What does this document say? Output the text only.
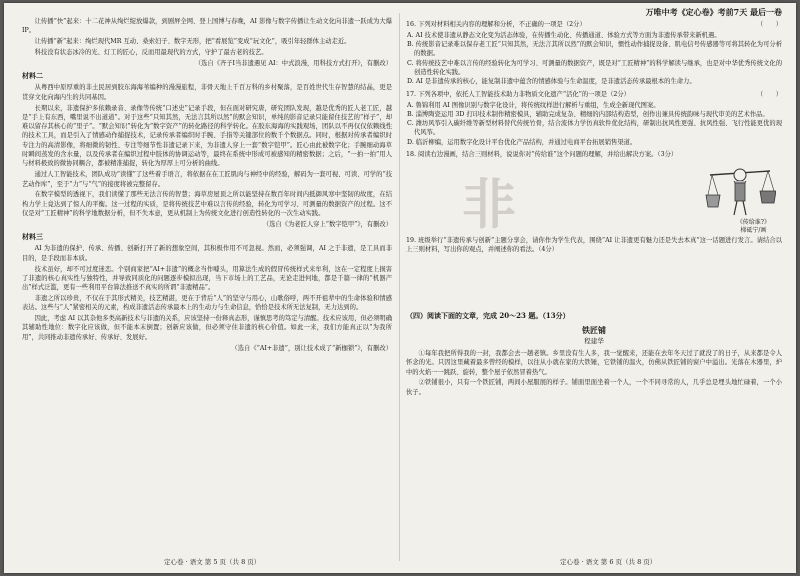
万唯中考《定心卷》考前7天 最后一卷

让传播“快”起来：十二花神从绚烂绽放爆款，到剧屏全网、登上国博与春晚，AI 影像与数字传播让生动文化向非遗一跃成为大爆 IP。

让传播“新”起来：绚烂现代MR 互动、桑索妇子、数字无形，把“看展览”变成“玩文化”，吸引年轻群体主动走近。

科技没有状态冰冷的光、灯工的匠心，反而用最现代的方式，守护了最古老的技艺。

（选自《齐子Ⅰ当非遗遇见 AI：中式浪漫，用科技方式打开》，有删改）

材料二

从粤西中原厚重的非土民居到胶东海海苇编种的漫漫旅程，非骨天地上千百万科的乡村聚落，是百姓世代生存智慧的结晶，更是贯穿文化向海内生的共同基因。

长期以来，非遗保护多依赖录音、录像等传统“口述史”记录手段，但在面对研究唐，研究团队发现，越是优秀的匠人老工匠，越是“手上有东西，嘴里说不出道道”。对于这些“只知其然，无法言其所以然”的默会知识，单纯的影音记录只能留住技艺的“样子”，却难以留存其核心的“里子”。“默会知识”转化为“数字资产”的转化路径的科学转化。在胶东海海的实践观场，团队以不再仅仅依赖线性的技术工具，而是引入了情感动作捕捉技术，记录传承者编织时手腕、手指等关键部位的数千个数据点。同时，根据对传承者编织时专注力的高清影像，将细微的韧性、专注等细节性非遗记录下来，为非遗人穿上一套“数字铠甲”。匠心由此被数字化；手腕细动海草时瞬间蒸发的含水量，以及传承者在编织过程中肢体的协调运动等，最终在系统中形成可被感知的精密数据；之后，“一拍一拍”用人与材料极致的微协同耦合，都被精准捕捉，转化为厚厚上可分析的曲线。

通过人工智能技术，团队成功“读懂”了这些着手语言，将依据在在工匠肌肉与神经中的经验，解码为一套可视、可读、可学的“技艺动作库”，至于“力”与“气”的接度将被完整留存。

在数字模型的透视下，我们读懂了那些无法言传的智慧；海草房屋顶之所以能坚持在数百年时间内抵御风寒中坚韧的故度，在结构力学上竟达到了惊人的平衡。这一过程的实质，是将传统技艺中难以言传的经验，转化为可学习、可测量的数据资产的过程。这不仅是对“工匠精神”的科学地数据分析，但不失本意，更从机制上为传统文化进行创造性转化的一次生动实践。

（选自《为老匠人穿上“数字铠甲”》，有删改）

材料三

AI 为非遗的保护、传承、传播、创新打开了新的想象空间，其积极作用不可忽视。然而，必须强调，AI 之于非遗，是工具而非目的，是手段而非本质。

技术虽好，却不可过度迷恋。个别商家把“AI+非遗”的概念当作噱头，用算法生成的假冒传统样式来牟利，这在一定程度上损害了非遗的核心真实性与独特性，并导致同质化的问题逐步模拟出现，当下市场上的工艺品，无论走进何地，都是千篇一律的“机器产出”样式泛滥，更有一些利用平台算法推送不真实的所谓“非遗精品”。

非遗之所以珍贵，不仅在于其形式精美，技艺精湛，更在于背后“人”的坚守与用心，山歌俗呼，两不开祖辈中的生命体验和情感表达。这些与“人”紧密相关的元素，构成非遗活态传承最本上的生动力与生命信息，恰恰是技术所无法复制，无力达到的。

因此，考虑 AI 以其杂他多类高新技术与非遗的关系，应该坚持一份释真态形，谨慎思考的笃定与清醒。技术应该用，但必须明确其辅助性地位：数字化应该做，但不能本末倒置；创新应该做，但必须守住非遗的核心价值。如此一来，我们方能真正以“为我所用”，共同推动非遗传承好、传承好、发展好。

（选自《“AI+非遗”，别让技术成了“新枷锁”》，有删改）

16. 下列对材料相关内容的理解和分析，不正确的一项是（2分）	（　　）

A. AI 技术使非遗从静态文化变为活态体验，在传播生动化、传播通道、体验方式等方面为非遗传承带来新机遇。

B. 传统影音记录难以保存老工匠“只知其然，无法言其所以然”的默会知识，惯性动作捕捉设备、肌电信号传感器等可将其转化为可分析的数据。

C. 将传统技艺中难以言传的经验转化为可学习、可测量的数据资产，既是对“工匠精神”的科学解读与继承，也是对中华优秀传统文化的创造性转化实践。

D. AI 是非遗传承的核心，能复制非遗中蕴含的情感体验与生命温度，是非遗活态传承最根本的生命力。

17. 下列各项中，依托人工智能技术助力非物质文化遗产“活化”的一项是（2分）	（　　）

A. 鲁锦利用 AI 图像识别与数字化设计，将传统纹样进行解析与重组，生成全新现代图案。

B. 淄博陶瓷运用 3D 打印技术制作精密模具，辅助完成复杂、精细的内部结构造型，创作出兼具传统韵味与现代审美的艺术作品。

C. 潍坊风筝引入碳纤维等新型材料替代传统竹骨，结合流体力学仿真软件优化结构，研制出抗风性更强、抗风性强、飞行性能更优的现代风筝。

D. 临沂柳编，运用数字化设计平台优化产品结构，并通过电商平台拓展销售渠道。

18. 阅读右边漫画，结合三则材料，说说你对“传给谁”这个问题的理解，并给出解决方案。（3分）

非	《传给谁?》
梯砥宁/画

19. 班级举行“非遗传承与创新”主题分享会，请你作为学生代表，围绕“AI 让非遗更有魅力还是失去本真”这一话题进行发言。请结合以上三则材料，写出你的观点，并阐述你的看法。（4分）

（四）阅读下面的文章，完成 20～23 题。（13分）

铁匠铺

程建华

①每年我把所得我的一封，我都会去一趟老镇。乡里没有生人多，我一觉醒来，还能在去年冬天过了就没了的日子，从来都是令人怀念的光。只因这里藏着最多曾经的模样，以往从小就在家的大铁锤，它铁铺的温火，仿佛从铁匠铺的窗户中溢出。光落在木器里，炉中的火焰一一跳跃、旋转，整个屋子依然冒着热气。

②铁铺很小，只有一个铁匠铺，两间小屋服展的样子。铺面里面坐着一个人，一个不同寻常的人，几乎总是埋头地忙碌着，一个小伙子。

定心卷 · 语文 第 5 页（共 8 页）	定心卷 · 语文 第 6 页（共 8 页）
